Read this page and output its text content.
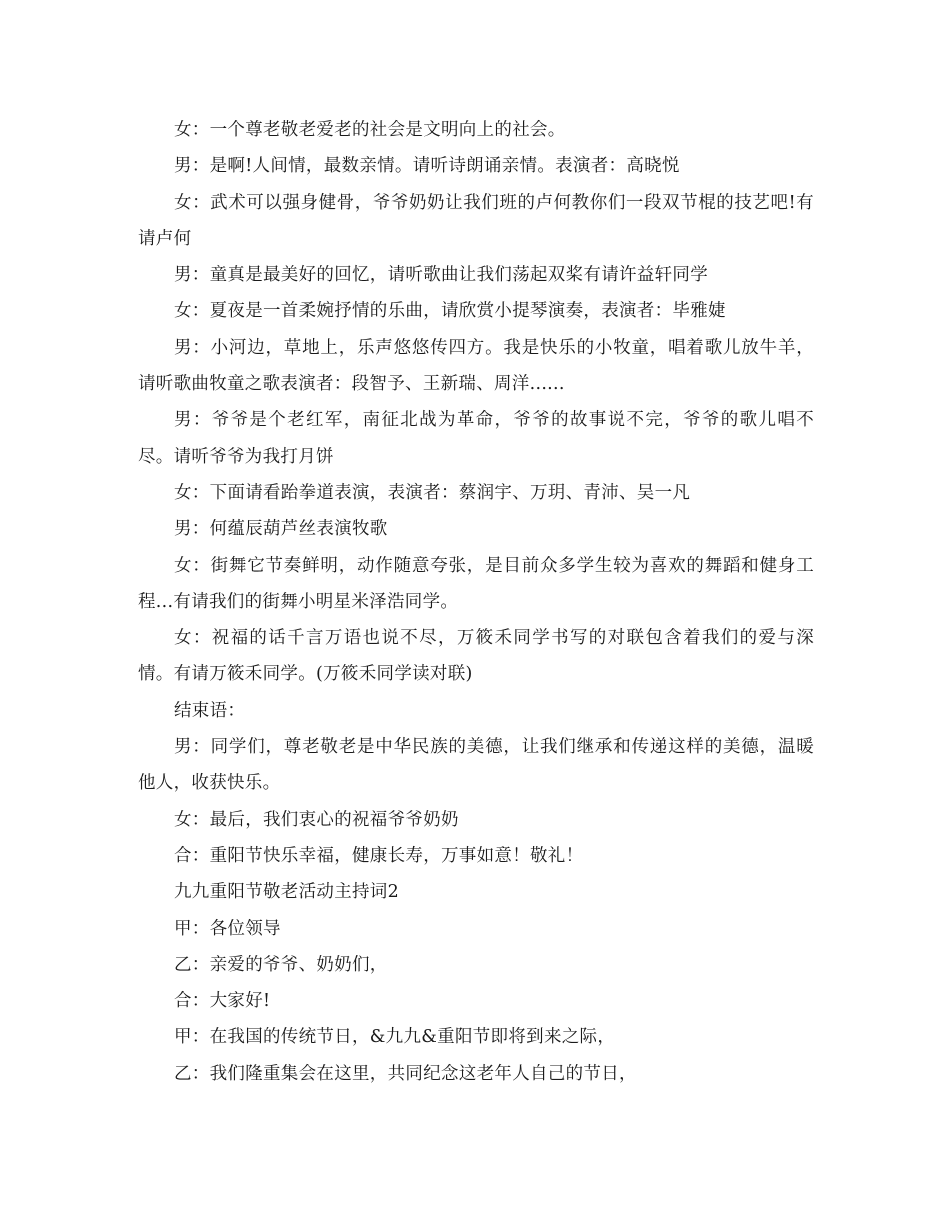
女：一个尊老敬老爱老的社会是文明向上的社会。

男：是啊!人间情，最数亲情。请听诗朗诵亲情。表演者：高晓悦

女：武术可以强身健骨，爷爷奶奶让我们班的卢何教你们一段双节棍的技艺吧!有请卢何

男：童真是最美好的回忆，请听歌曲让我们荡起双桨有请许益轩同学

女：夏夜是一首柔婉抒情的乐曲，请欣赏小提琴演奏，表演者：毕雅婕

男：小河边，草地上，乐声悠悠传四方。我是快乐的小牧童，唱着歌儿放牛羊，请听歌曲牧童之歌表演者：段智予、王新瑞、周洋......

男：爷爷是个老红军，南征北战为革命，爷爷的故事说不完，爷爷的歌儿唱不尽。请听爷爷为我打月饼

女：下面请看跆拳道表演，表演者：蔡润宇、万玥、青沛、吴一凡

男：何蕴辰葫芦丝表演牧歌

女：街舞它节奏鲜明，动作随意夸张，是目前众多学生较为喜欢的舞蹈和健身工程...有请我们的街舞小明星米泽浩同学。

女：祝福的话千言万语也说不尽，万筱禾同学书写的对联包含着我们的爱与深情。有请万筱禾同学。(万筱禾同学读对联)

结束语：

男：同学们，尊老敬老是中华民族的美德，让我们继承和传递这样的美德，温暖他人，收获快乐。

女：最后，我们衷心的祝福爷爷奶奶

合：重阳节快乐幸福，健康长寿，万事如意！敬礼！

九九重阳节敬老活动主持词2

甲：各位领导

乙：亲爱的爷爷、奶奶们，

合：大家好!

甲：在我国的传统节日，&九九&重阳节即将到来之际，

乙：我们隆重集会在这里，共同纪念这老年人自己的节日，
